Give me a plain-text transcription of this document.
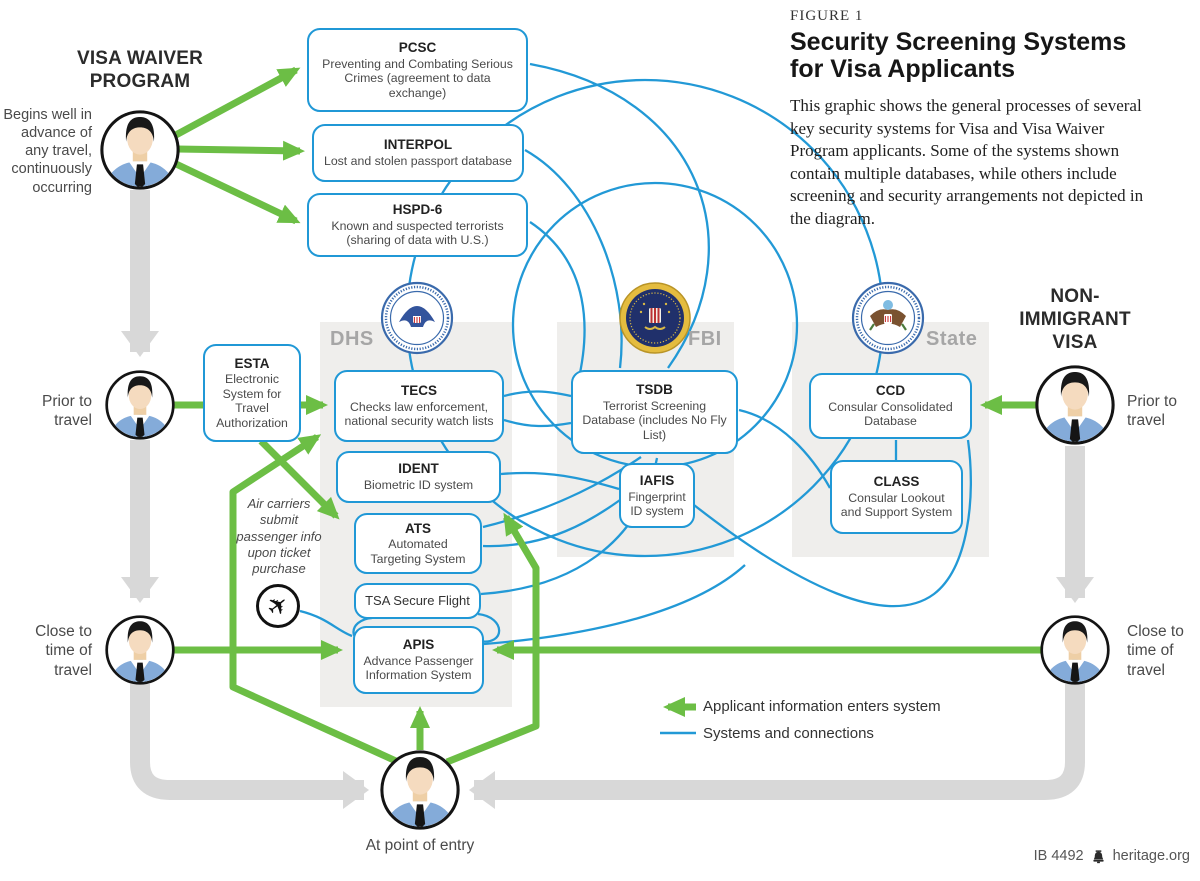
FIGURE 1
Security Screening Systems for Visa Applicants
This graphic shows the general processes of several key security systems for Visa and Visa Waiver Program applicants. Some of the systems shown contain multiple databases, while others include screening and security arrangements not depicted in the diagram.
VISA WAIVER PROGRAM
Begins well in advance of any travel, continuously occurring
NON-IMMIGRANT VISA
Prior to travel
Close to time of travel
Prior to travel
Close to time of travel
At point of entry
DHS	FBI	State
PCSC
Preventing and Combating Serious Crimes (agreement to data exchange)
INTERPOL
Lost and stolen passport database
HSPD-6
Known and suspected terrorists (sharing of data with U.S.)
ESTA
Electronic System for Travel Authorization
TECS
Checks law enforcement, national security watch lists
IDENT
Biometric ID system
ATS
Automated Targeting System
TSA Secure Flight
APIS
Advance Passenger Information System
TSDB
Terrorist Screening Database (includes No Fly List)
IAFIS
Fingerprint ID system
CCD
Consular Consolidated Database
CLASS
Consular Lookout and Support System
Air carriers submit passenger info upon ticket purchase
✈
Applicant information enters system
Systems and connections
IB 4492 heritage.org
